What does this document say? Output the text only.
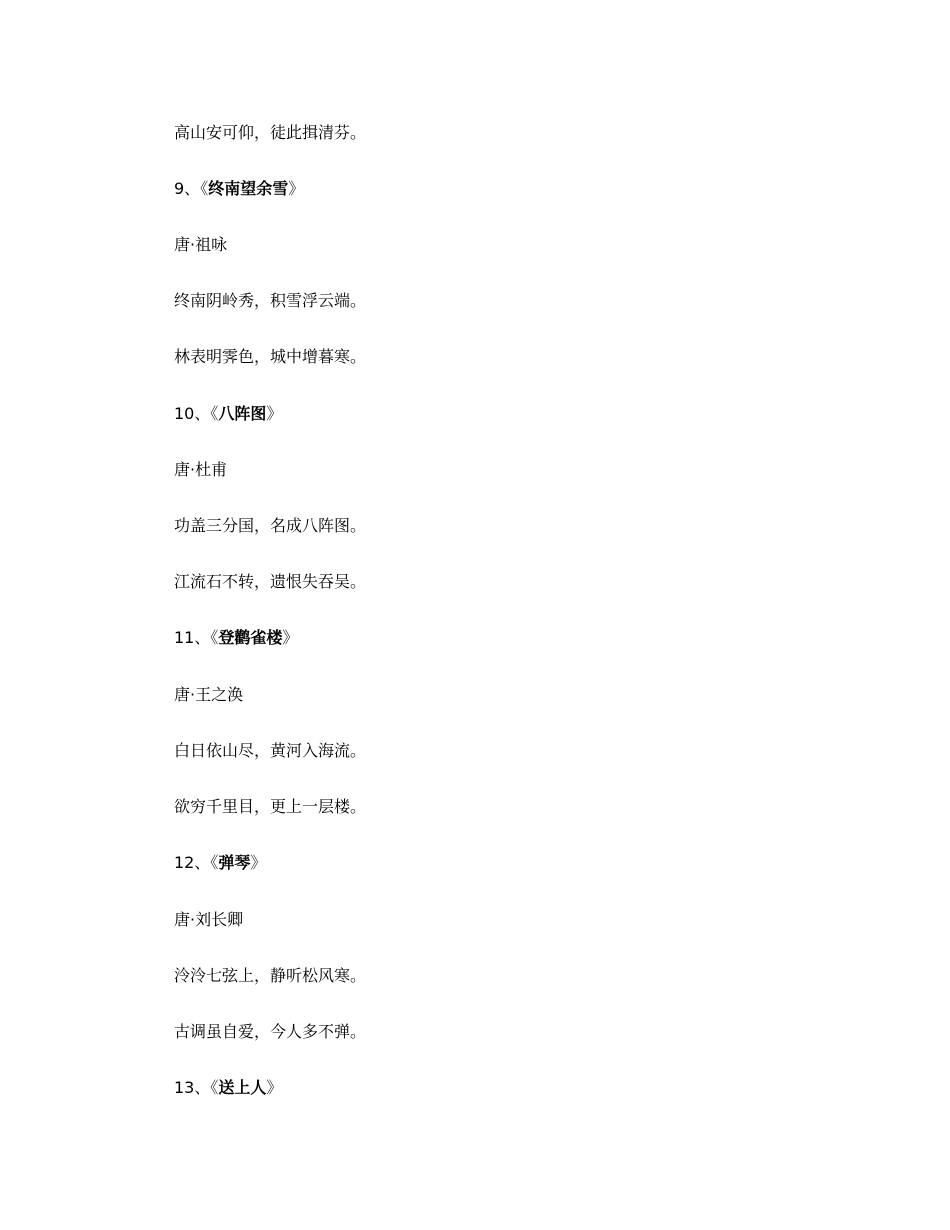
高山安可仰，徒此揖清芬。
9、《终南望余雪》
唐·祖咏
终南阴岭秀，积雪浮云端。
林表明霁色，城中增暮寒。
10、《八阵图》
唐·杜甫
功盖三分国，名成八阵图。
江流石不转，遗恨失吞吴。
11、《登鹳雀楼》
唐·王之涣
白日依山尽，黄河入海流。
欲穷千里目，更上一层楼。
12、《弹琴》
唐·刘长卿
泠泠七弦上，静听松风寒。
古调虽自爱，今人多不弹。
13、《送上人》
